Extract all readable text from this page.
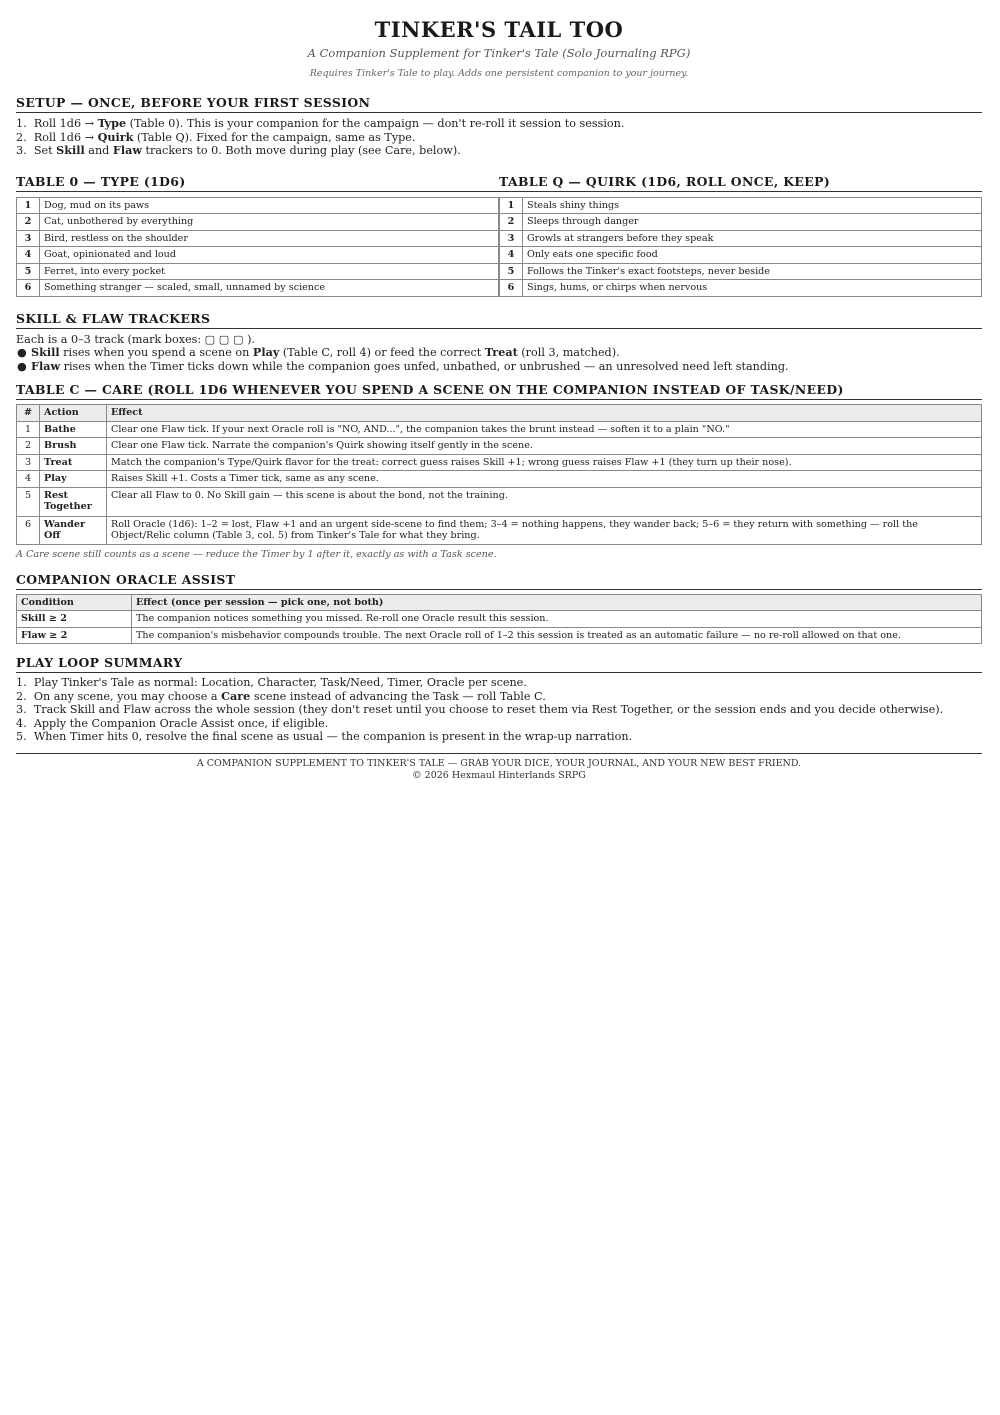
TINKER'S TAIL TOO
A Companion Supplement for Tinker's Tale (Solo Journaling RPG)
Requires Tinker's Tale to play. Adds one persistent companion to your journey.
SETUP — ONCE, BEFORE YOUR FIRST SESSION
1. Roll 1d6 → Type (Table 0). This is your companion for the campaign — don't re-roll it session to session.
2. Roll 1d6 → Quirk (Table Q). Fixed for the campaign, same as Type.
3. Set Skill and Flaw trackers to 0. Both move during play (see Care, below).
TABLE 0 — TYPE (1D6)
1	Dog, mud on its paws
2	Cat, unbothered by everything
3	Bird, restless on the shoulder
4	Goat, opinionated and loud
5	Ferret, into every pocket
6	Something stranger — scaled, small, unnamed by science
TABLE Q — QUIRK (1D6, ROLL ONCE, KEEP)
1	Steals shiny things
2	Sleeps through danger
3	Growls at strangers before they speak
4	Only eats one specific food
5	Follows the Tinker's exact footsteps, never beside
6	Sings, hums, or chirps when nervous
SKILL & FLAW TRACKERS
Each is a 0–3 track (mark boxes: ▢ ▢ ▢ ).
● Skill rises when you spend a scene on Play (Table C, roll 4) or feed the correct Treat (roll 3, matched).
● Flaw rises when the Timer ticks down while the companion goes unfed, unbathed, or unbrushed — an unresolved need left standing.
TABLE C — CARE (ROLL 1D6 WHENEVER YOU SPEND A SCENE ON THE COMPANION INSTEAD OF TASK/NEED)
#	Action	Effect
1	Bathe	Clear one Flaw tick. If your next Oracle roll is "NO, AND...", the companion takes the brunt instead — soften it to a plain "NO."
2	Brush	Clear one Flaw tick. Narrate the companion's Quirk showing itself gently in the scene.
3	Treat	Match the companion's Type/Quirk flavor for the treat: correct guess raises Skill +1; wrong guess raises Flaw +1 (they turn up their nose).
4	Play	Raises Skill +1. Costs a Timer tick, same as any scene.
5	Rest Together	Clear all Flaw to 0. No Skill gain — this scene is about the bond, not the training.
6	Wander Off	Roll Oracle (1d6): 1–2 = lost, Flaw +1 and an urgent side-scene to find them; 3–4 = nothing happens, they wander back; 5–6 = they return with something — roll the Object/Relic column (Table 3, col. 5) from Tinker's Tale for what they bring.
A Care scene still counts as a scene — reduce the Timer by 1 after it, exactly as with a Task scene.
COMPANION ORACLE ASSIST
Condition	Effect (once per session — pick one, not both)
Skill ≥ 2	The companion notices something you missed. Re-roll one Oracle result this session.
Flaw ≥ 2	The companion's misbehavior compounds trouble. The next Oracle roll of 1–2 this session is treated as an automatic failure — no re-roll allowed on that one.
PLAY LOOP SUMMARY
1. Play Tinker's Tale as normal: Location, Character, Task/Need, Timer, Oracle per scene.
2. On any scene, you may choose a Care scene instead of advancing the Task — roll Table C.
3. Track Skill and Flaw across the whole session (they don't reset until you choose to reset them via Rest Together, or the session ends and you decide otherwise).
4. Apply the Companion Oracle Assist once, if eligible.
5. When Timer hits 0, resolve the final scene as usual — the companion is present in the wrap-up narration.
A COMPANION SUPPLEMENT TO TINKER'S TALE — GRAB YOUR DICE, YOUR JOURNAL, AND YOUR NEW BEST FRIEND.
© 2026 Hexmaul Hinterlands SRPG
